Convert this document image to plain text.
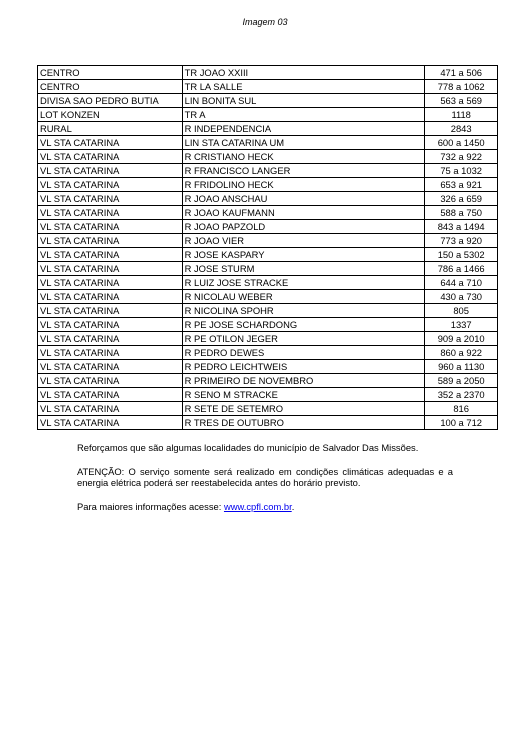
Imagem 03
CENTRO	TR JOAO XXIII	471 a 506
CENTRO	TR LA SALLE	778 a 1062
DIVISA SAO PEDRO BUTIA	LIN BONITA SUL	563 a 569
LOT KONZEN	TR A	1118
RURAL	R INDEPENDENCIA	2843
VL STA CATARINA	LIN STA CATARINA UM	600 a 1450
VL STA CATARINA	R CRISTIANO HECK	732 a 922
VL STA CATARINA	R FRANCISCO LANGER	75 a 1032
VL STA CATARINA	R FRIDOLINO HECK	653 a 921
VL STA CATARINA	R JOAO ANSCHAU	326 a 659
VL STA CATARINA	R JOAO KAUFMANN	588 a 750
VL STA CATARINA	R JOAO PAPZOLD	843 a 1494
VL STA CATARINA	R JOAO VIER	773 a 920
VL STA CATARINA	R JOSE KASPARY	150 a 5302
VL STA CATARINA	R JOSE STURM	786 a 1466
VL STA CATARINA	R LUIZ JOSE STRACKE	644 a 710
VL STA CATARINA	R NICOLAU WEBER	430 a 730
VL STA CATARINA	R NICOLINA SPOHR	805
VL STA CATARINA	R PE JOSE SCHARDONG	1337
VL STA CATARINA	R PE OTILON JEGER	909 a 2010
VL STA CATARINA	R PEDRO DEWES	860 a 922
VL STA CATARINA	R PEDRO LEICHTWEIS	960 a 1130
VL STA CATARINA	R PRIMEIRO DE NOVEMBRO	589 a 2050
VL STA CATARINA	R SENO M STRACKE	352 a 2370
VL STA CATARINA	R SETE DE SETEMRO	816
VL STA CATARINA	R TRES DE OUTUBRO	100 a 712

Reforçamos que são algumas localidades do município de Salvador Das Missões.

ATENÇÃO: O serviço somente será realizado em condições climáticas adequadas e a energia elétrica poderá ser reestabelecida antes do horário previsto.

Para maiores informações acesse: www.cpfl.com.br.
